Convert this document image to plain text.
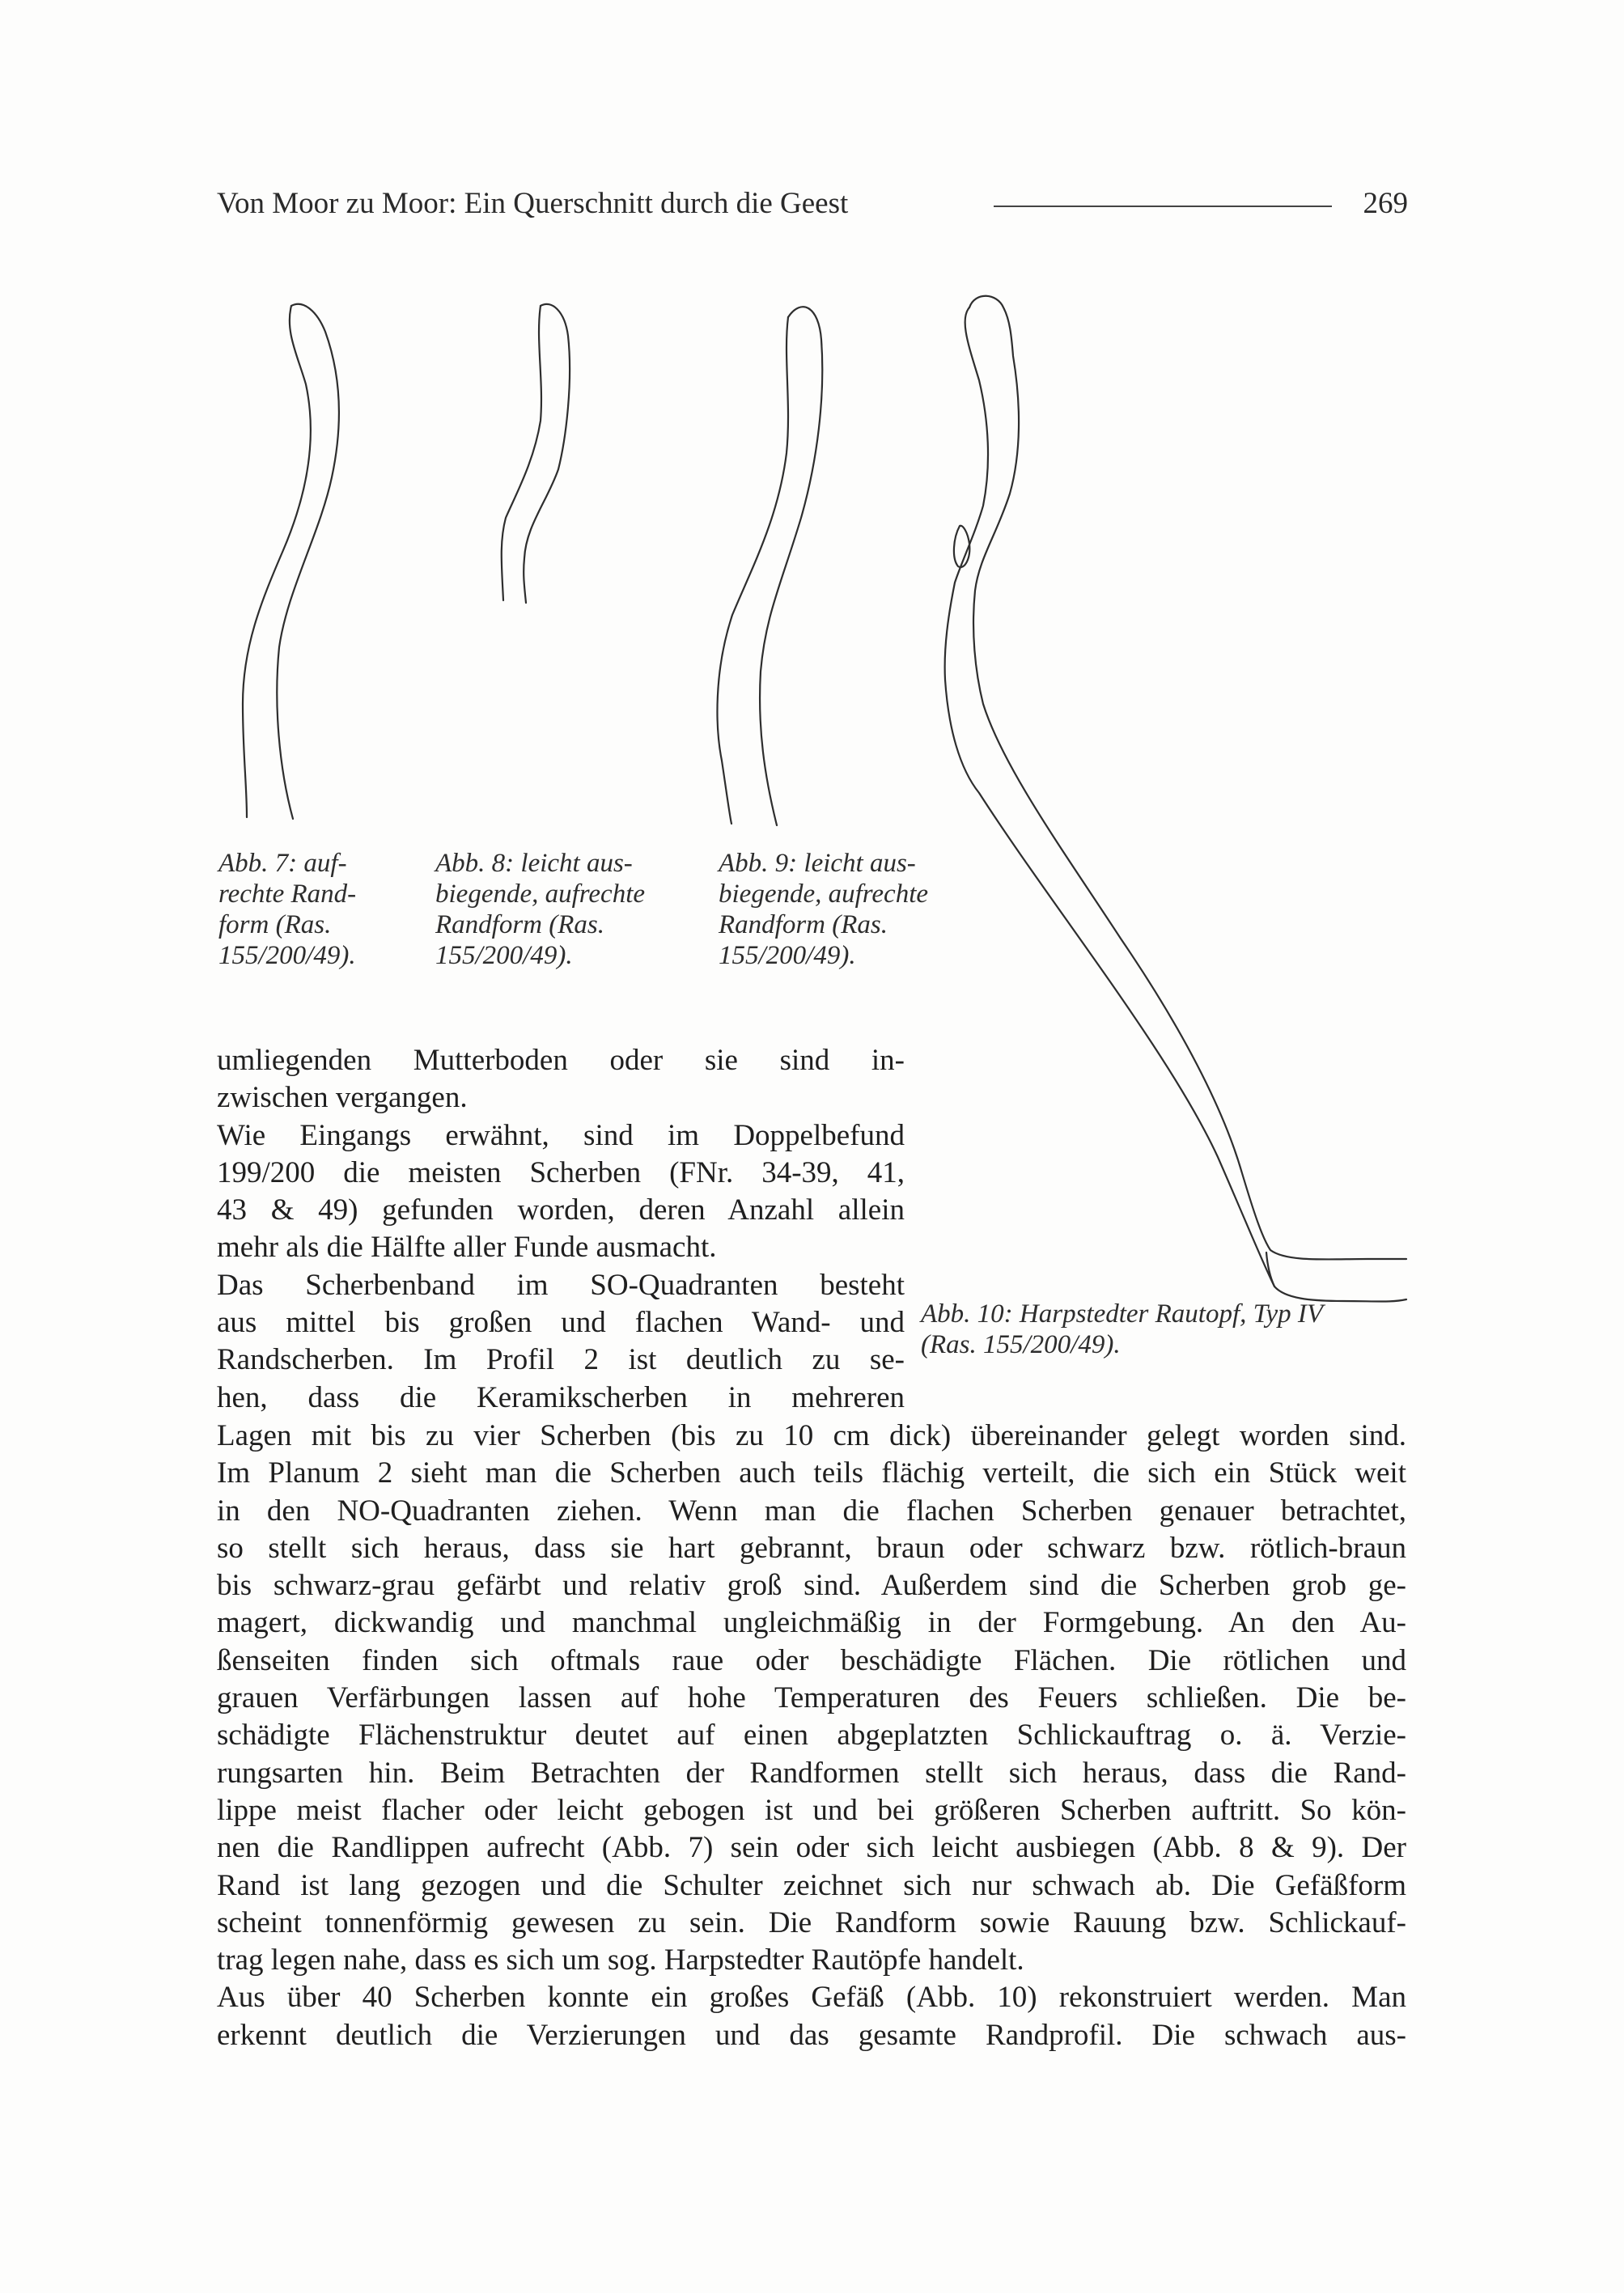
Von Moor zu Moor: Ein Querschnitt durch die Geest	269
Abb. 7: auf-
rechte Rand-
form (Ras.
155/200/49).
Abb. 8: leicht aus-
biegende, aufrechte
Randform (Ras.
155/200/49).
Abb. 9: leicht aus-
biegende, aufrechte
Randform (Ras.
155/200/49).
Abb. 10: Harpstedter Rautopf, Typ IV
(Ras. 155/200/49).
umliegenden Mutterboden oder sie sind in-
zwischen vergangen.
Wie Eingangs erwähnt, sind im Doppelbefund
199/200 die meisten Scherben (FNr. 34-39, 41,
43 & 49) gefunden worden, deren Anzahl allein
mehr als die Hälfte aller Funde ausmacht.
Das Scherbenband im SO-Quadranten besteht
aus mittel bis großen und flachen Wand- und
Randscherben. Im Profil 2 ist deutlich zu se-
hen, dass die Keramikscherben in mehreren
Lagen mit bis zu vier Scherben (bis zu 10 cm dick) übereinander gelegt worden sind.
Im Planum 2 sieht man die Scherben auch teils flächig verteilt, die sich ein Stück weit
in den NO-Quadranten ziehen. Wenn man die flachen Scherben genauer betrachtet,
so stellt sich heraus, dass sie hart gebrannt, braun oder schwarz bzw. rötlich-braun
bis schwarz-grau gefärbt und relativ groß sind. Außerdem sind die Scherben grob ge-
magert, dickwandig und manchmal ungleichmäßig in der Formgebung. An den Au-
ßenseiten finden sich oftmals raue oder beschädigte Flächen. Die rötlichen und
grauen Verfärbungen lassen auf hohe Temperaturen des Feuers schließen. Die be-
schädigte Flächenstruktur deutet auf einen abgeplatzten Schlickauftrag o. ä. Verzie-
rungsarten hin. Beim Betrachten der Randformen stellt sich heraus, dass die Rand-
lippe meist flacher oder leicht gebogen ist und bei größeren Scherben auftritt. So kön-
nen die Randlippen aufrecht (Abb. 7) sein oder sich leicht ausbiegen (Abb. 8 & 9). Der
Rand ist lang gezogen und die Schulter zeichnet sich nur schwach ab. Die Gefäßform
scheint tonnenförmig gewesen zu sein. Die Randform sowie Rauung bzw. Schlickauf-
trag legen nahe, dass es sich um sog. Harpstedter Rautöpfe handelt.
Aus über 40 Scherben konnte ein großes Gefäß (Abb. 10) rekonstruiert werden. Man
erkennt deutlich die Verzierungen und das gesamte Randprofil. Die schwach aus-
